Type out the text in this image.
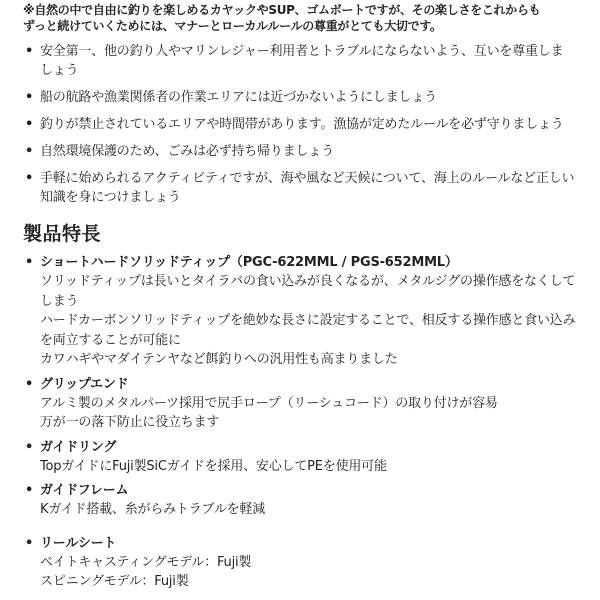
※自然の中で自由に釣りを楽しめるカヤックやSUP、ゴムボートですが、その楽しさをこれからも
ずっと続けていくためには、マナーとローカルルールの尊重がとても大切です。

• 安全第一、他の釣り人やマリンレジャー利用者とトラブルにならないよう、互いを尊重しま
しょう
• 船の航路や漁業関係者の作業エリアには近づかないようにしましょう
• 釣りが禁止されているエリアや時間帯があります。漁協が定めたルールを必ず守りましょう
• 自然環境保護のため、ごみは必ず持ち帰りましょう
• 手軽に始められるアクティビティですが、海や風など天候について、海上のルールなど正しい
知識を身につけましょう
製品特長
• ショートハードソリッドティップ（PGC-622MML / PGS-652MML）
ソリッドティップは長いとタイラバの食い込みが良くなるが、メタルジグの操作感をなくして
しまう
ハードカーボンソリッドティップを絶妙な長さに設定することで、相反する操作感と食い込み
を両立することが可能に
カワハギやマダイテンヤなど餌釣りへの汎用性も高まりました
• グリップエンド
アルミ製のメタルパーツ採用で尻手ロープ（リーシュコード）の取り付けが容易
万が一の落下防止に役立ちます
• ガイドリング
TopガイドにFuji製SiCガイドを採用、安心してPEを使用可能
• ガイドフレーム
Kガイド搭載、糸がらみトラブルを軽減
• リールシート
ベイトキャスティングモデル：Fuji製
スピニングモデル：Fuji製
